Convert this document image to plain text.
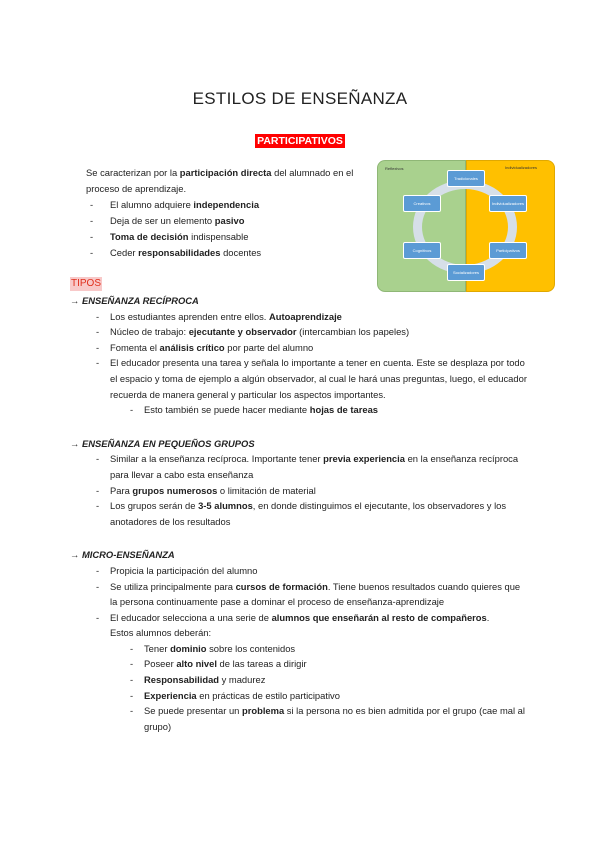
ESTILOS DE ENSEÑANZA
PARTICIPATIVOS
Se caracterizan por la participación directa del alumnado en el proceso de aprendizaje.
- El alumno adquiere independencia
- Deja de ser un elemento pasivo
- Toma de decisión indispensable
- Ceder responsabilidades docentes
Reflexivos	Individualizadores
Tradicionales
Creativos	Individualizadores
Cognitivos	Participativos
Socializadores
TIPOS
→ ENSEÑANZA RECÍPROCA
- Los estudiantes aprenden entre ellos. Autoaprendizaje
- Núcleo de trabajo: ejecutante y observador (intercambian los papeles)
- Fomenta el análisis crítico por parte del alumno
- El educador presenta una tarea y señala lo importante a tener en cuenta. Este se desplaza por todo el espacio y toma de ejemplo a algún observador, al cual le hará unas preguntas, luego, el educador recuerda de manera general y particular los aspectos importantes.
- Esto también se puede hacer mediante hojas de tareas
→ ENSEÑANZA EN PEQUEÑOS GRUPOS
- Similar a la enseñanza recíproca. Importante tener previa experiencia en la enseñanza recíproca para llevar a cabo esta enseñanza
- Para grupos numerosos o limitación de material
- Los grupos serán de 3-5 alumnos, en donde distinguimos el ejecutante, los observadores y los anotadores de los resultados
→ MICRO-ENSEÑANZA
- Propicia la participación del alumno
- Se utiliza principalmente para cursos de formación. Tiene buenos resultados cuando quieres que la persona continuamente pase a dominar el proceso de enseñanza-aprendizaje
- El educador selecciona a una serie de alumnos que enseñarán al resto de compañeros.
Estos alumnos deberán:
- Tener dominio sobre los contenidos
- Poseer alto nivel de las tareas a dirigir
- Responsabilidad y madurez
- Experiencia en prácticas de estilo participativo
- Se puede presentar un problema si la persona no es bien admitida por el grupo (cae mal al grupo)
